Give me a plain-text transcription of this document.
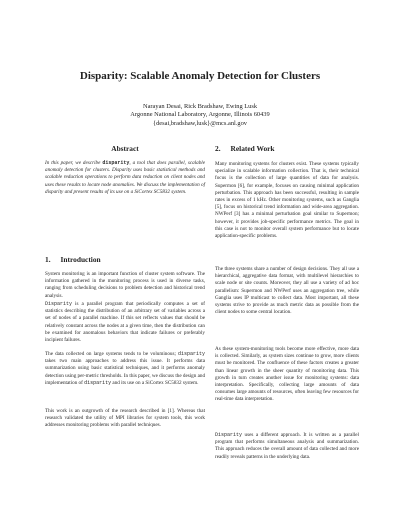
Disparity: Scalable Anomaly Detection for Clusters
Narayan Desai, Rick Bradshaw, Ewing Lusk
Argonne National Laboratory, Argonne, Illinois 60439
{desai,bradshaw,lusk}@mcs.anl.gov
Abstract
In this paper, we describe disparity, a tool that does parallel, scalable anomaly detection for clusters. Disparity uses basic statistical methods and scalable reduction operations to perform data reduction on client nodes and uses these results to locate node anomalies. We discuss the implementation of disparity and present results of its use on a SiCortex SC5832 system.
1. Introduction
System monitoring is an important function of cluster system software. The information gathered in the monitoring process is used in diverse tasks, ranging from scheduling decisions to problem detection and historical trend analysis.
Disparity is a parallel program that periodically computes a set of statistics describing the distribution of an arbitrary set of variables across a set of nodes of a parallel machine. If this set reflects values that should be relatively constant across the nodes at a given time, then the distribution can be examined for anomalous behaviors that indicate failures or preferably incipient failures.
The data collected on large systems tends to be voluminous; disparity takes two main approaches to address this issue. It performs data summarization using basic statistical techniques, and it performs anomaly detection using per-metric thresholds. In this paper, we discuss the design and implementation of disparity and its use on a SiCortex SC5832 system.
This work is an outgrowth of the research described in [1]. Whereas that research validated the utility of MPI libraries for system tools, this work addresses monitoring problems with parallel techniques.
2. Related Work
Many monitoring systems for clusters exist. These systems typically specialize in scalable information collection. That is, their technical focus is the collection of large quantities of data for analysis. Supermon [6], for example, focuses on causing minimal application perturbation. This approach has been successful, resulting in sample rates in excess of 1 kHz. Other monitoring systems, such as Ganglia [5], focus on historical trend information and wide-area aggregation. NWPerf [3] has a minimal perturbation goal similar to Supermon; however, it provides job-specific performance metrics. The goal in this case is not to monitor overall system performance but to locate application-specific problems.
The three systems share a number of design decisions. They all use a hierarchical, aggregative data format, with multilevel hierarchies to scale node or site counts. Moreover, they all use a variety of ad hoc parallelism: Supermon and NWPerf uses an aggregation tree, while Ganglia uses IP multicast to collect data. Most important, all these systems strive to provide as much metric data as possible from the client nodes to some central location.
As these system-monitoring tools become more effective, more data is collected. Similarly, as system sizes continue to grow, more clients must be monitored. The confluence of these factors creates a greater than linear growth in the sheer quantity of monitoring data. This growth in turn creates another issue for monitoring systems: data interpretation. Specifically, collecting large amounts of data consumes large amounts of resources, often leaving few resources for real-time data interpretation.
Disparity uses a different approach. It is written as a parallel program that performs simultaneous analysis and summarization. This approach reduces the overall amount of data collected and more readily reveals patterns in the underlying data.
